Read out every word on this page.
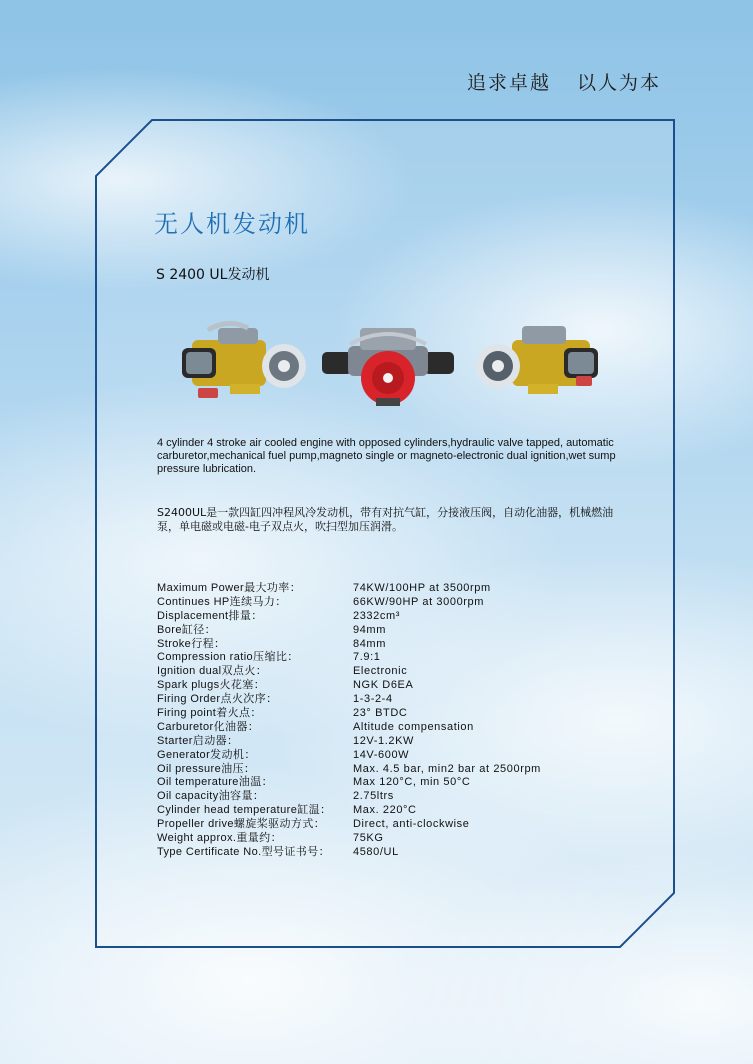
追求卓越 以人为本
无人机发动机
S 2400 UL发动机
4 cylinder 4 stroke air cooled engine with opposed cylinders,hydraulic valve tapped, automatic carburetor,mechanical fuel pump,magneto single or magneto-electronic dual ignition,wet sump pressure lubrication.
S2400UL是一款四缸四冲程风冷发动机，带有对抗气缸，分接液压阀，自动化油器，机械燃油泵，单电磁或电磁-电子双点火，吹扫型加压润滑。
Maximum Power最大功率：	74KW/100HP at 3500rpm
Continues HP连续马力：	66KW/90HP at 3000rpm
Displacement排量：	2332cm³
Bore缸径：	94mm
Stroke行程：	84mm
Compression ratio压缩比：	7.9:1
Ignition dual双点火：	Electronic
Spark plugs火花塞：	NGK D6EA
Firing Order点火次序：	1-3-2-4
Firing point着火点：	23° BTDC
Carburetor化油器：	Altitude compensation
Starter启动器：	12V-1.2KW
Generator发动机：	14V-600W
Oil pressure油压：	Max. 4.5 bar, min2 bar at 2500rpm
Oil temperature油温：	Max 120°C, min 50°C
Oil capacity油容量：	2.75ltrs
Cylinder head temperature缸温：	Max. 220°C
Propeller drive螺旋桨驱动方式：	Direct, anti-clockwise
Weight approx.重量约：	75KG
Type Certificate No.型号证书号：	4580/UL
